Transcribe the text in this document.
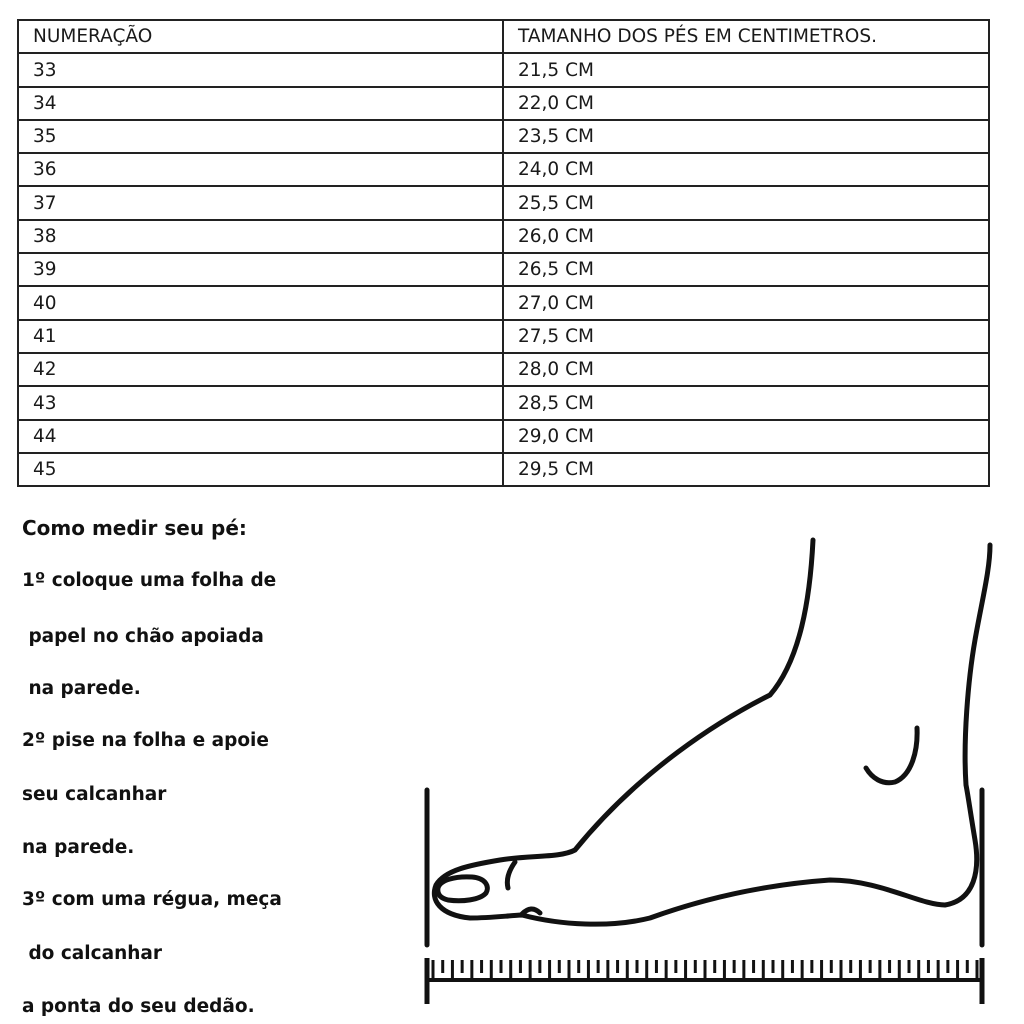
NUMERAÇÃO	TAMANHO DOS PÉS EM CENTIMETROS.
33	21,5 CM
34	22,0 CM
35	23,5 CM
36	24,0 CM
37	25,5 CM
38	26,0 CM
39	26,5 CM
40	27,0 CM
41	27,5 CM
42	28,0 CM
43	28,5 CM
44	29,0 CM
45	29,5 CM
Como medir seu pé:
1º coloque uma folha de
papel no chão apoiada
na parede.
2º pise na folha e apoie
seu calcanhar
na parede.
3º com uma régua, meça
do calcanhar
a ponta do seu dedão.
